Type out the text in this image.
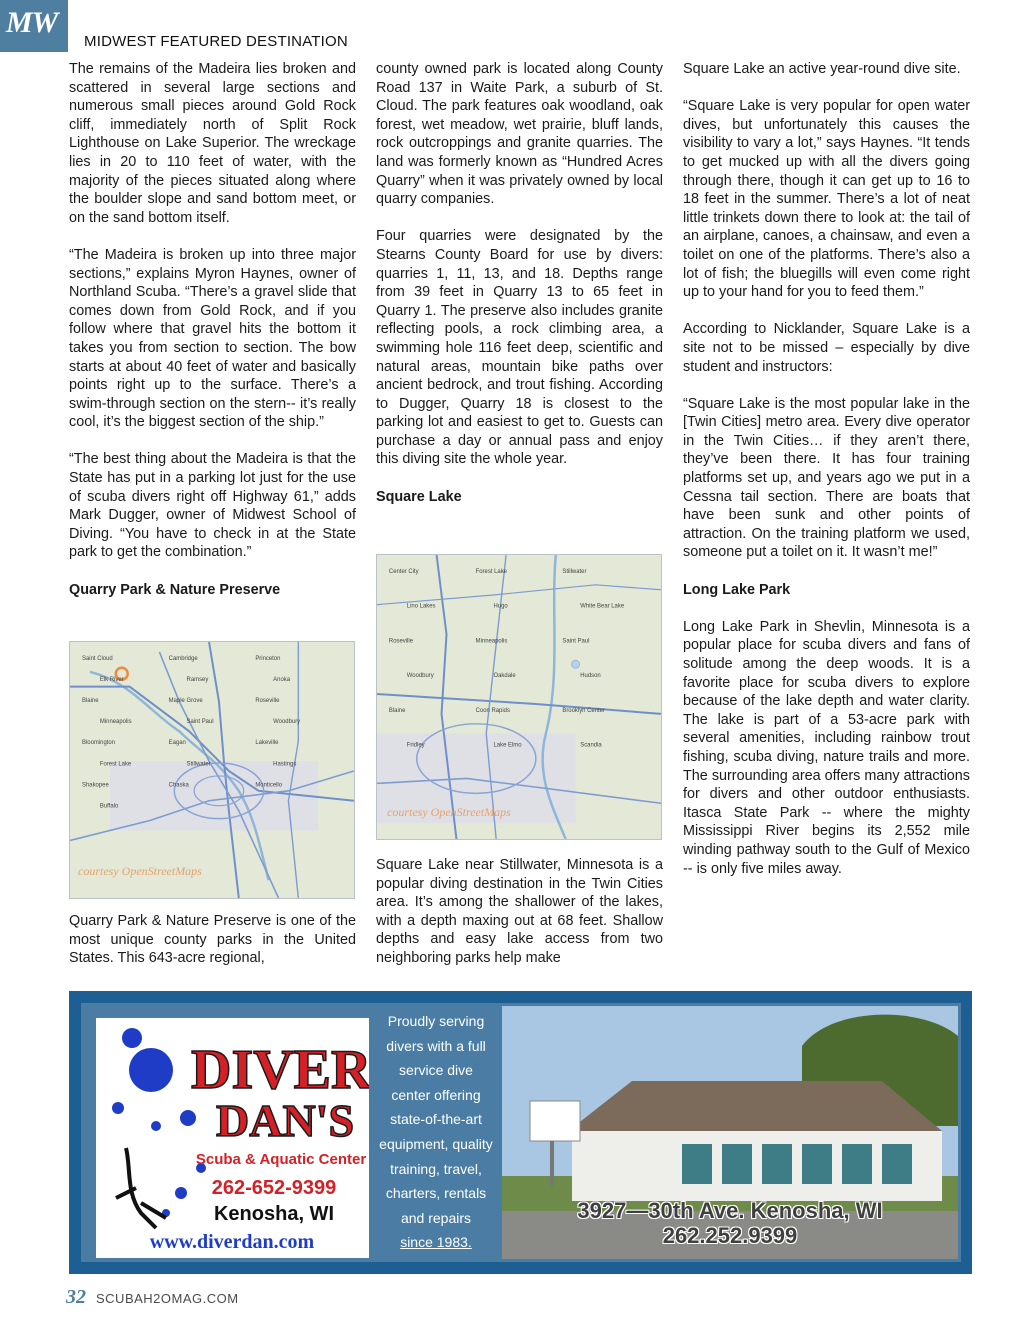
MW
MIDWEST FEATURED DESTINATION

The remains of the Madeira lies broken and scattered in several large sections and numerous small pieces around Gold Rock cliff, immediately north of Split Rock Lighthouse on Lake Superior. The wreckage lies in 20 to 110 feet of water, with the majority of the pieces situated along where the boulder slope and sand bottom meet, or on the sand bottom itself.

“The Madeira is broken up into three major sections,” explains Myron Haynes, owner of Northland Scuba. “There’s a gravel slide that comes down from Gold Rock, and if you follow where that gravel hits the bottom it takes you from section to section. The bow starts at about 40 feet of water and basically points right up to the surface. There’s a swim-through section on the stern-- it’s really cool, it’s the biggest section of the ship.”

“The best thing about the Madeira is that the State has put in a parking lot just for the use of scuba divers right off Highway 61,” adds Mark Dugger, owner of Midwest School of Diving. “You have to check in at the State park to get the combination.”

Quarry Park & Nature Preserve
Saint Cloud	Cambridge	Princeton
Elk River	Ramsey	Anoka
Blaine	Maple Grove	Roseville
Minneapolis	Saint Paul	Woodbury
Bloomington	Eagan	Lakeville
Forest Lake	Stillwater	Hastings
Shakopee	Chaska	Monticello
Buffalo
courtesy OpenStreetMaps

Quarry Park & Nature Preserve is one of the most unique county parks in the United States. This 643-acre regional,

county owned park is located along County Road 137 in Waite Park, a suburb of St. Cloud. The park features oak woodland, oak forest, wet meadow, wet prairie, bluff lands, rock outcroppings and granite quarries. The land was formerly known as “Hundred Acres Quarry” when it was privately owned by local quarry companies.

Four quarries were designated by the Stearns County Board for use by divers: quarries 1, 11, 13, and 18. Depths range from 39 feet in Quarry 13 to 65 feet in Quarry 1. The preserve also includes granite reflecting pools, a rock climbing area, a swimming hole 116 feet deep, scientific and natural areas, mountain bike paths over ancient bedrock, and trout fishing. According to Dugger, Quarry 18 is closest to the parking lot and easiest to get to. Guests can purchase a day or annual pass and enjoy this diving site the whole year.

Square Lake
Center City	Forest Lake	Stillwater
Lino Lakes	Hugo	White Bear Lake
Roseville	Minneapolis	Saint Paul
Woodbury	Oakdale	Hudson
Blaine	Coon Rapids	Brooklyn Center
Fridley	Lake Elmo	Scandia
courtesy OpenStreetMaps

Square Lake near Stillwater, Minnesota is a popular diving destination in the Twin Cities area. It’s among the shallower of the lakes, with a depth maxing out at 68 feet. Shallow depths and easy lake access from two neighboring parks help make

Square Lake an active year-round dive site.

“Square Lake is very popular for open water dives, but unfortunately this causes the visibility to vary a lot,” says Haynes. “It tends to get mucked up with all the divers going through there, though it can get up to 16 to 18 feet in the summer. There’s a lot of neat little trinkets down there to look at: the tail of an airplane, canoes, a chainsaw, and even a toilet on one of the platforms. There’s also a lot of fish; the bluegills will even come right up to your hand for you to feed them.”

According to Nicklander, Square Lake is a site not to be missed – especially by dive student and instructors:

“Square Lake is the most popular lake in the [Twin Cities] metro area. Every dive operator in the Twin Cities… if they aren’t there, they’ve been there. It has four training platforms set up, and years ago we put in a Cessna tail section. There are boats that have been sunk and other points of attraction. On the training platform we used, someone put a toilet on it. It wasn’t me!”

Long Lake Park

Long Lake Park in Shevlin, Minnesota is a popular place for scuba divers and fans of solitude among the deep woods. It is a favorite place for scuba divers to explore because of the lake depth and water clarity. The lake is part of a 53-acre park with several amenities, including rainbow trout fishing, scuba diving, nature trails and more. The surrounding area offers many attractions for divers and other outdoor enthusiasts. Itasca State Park -- where the mighty Mississippi River begins its 2,552 mile winding pathway south to the Gulf of Mexico -- is only five miles away.

DIVER
DAN'S
Scuba & Aquatic Center
262-652-9399
Kenosha, WI
www.diverdan.com
Proudly serving
divers with a full
service dive
center offering
state-of-the-art
equipment, quality
training, travel,
charters, rentals
and repairs
since 1983.
3927—30th Ave. Kenosha, WI
262.252.9399
32 SCUBAH2OMAG.COM
